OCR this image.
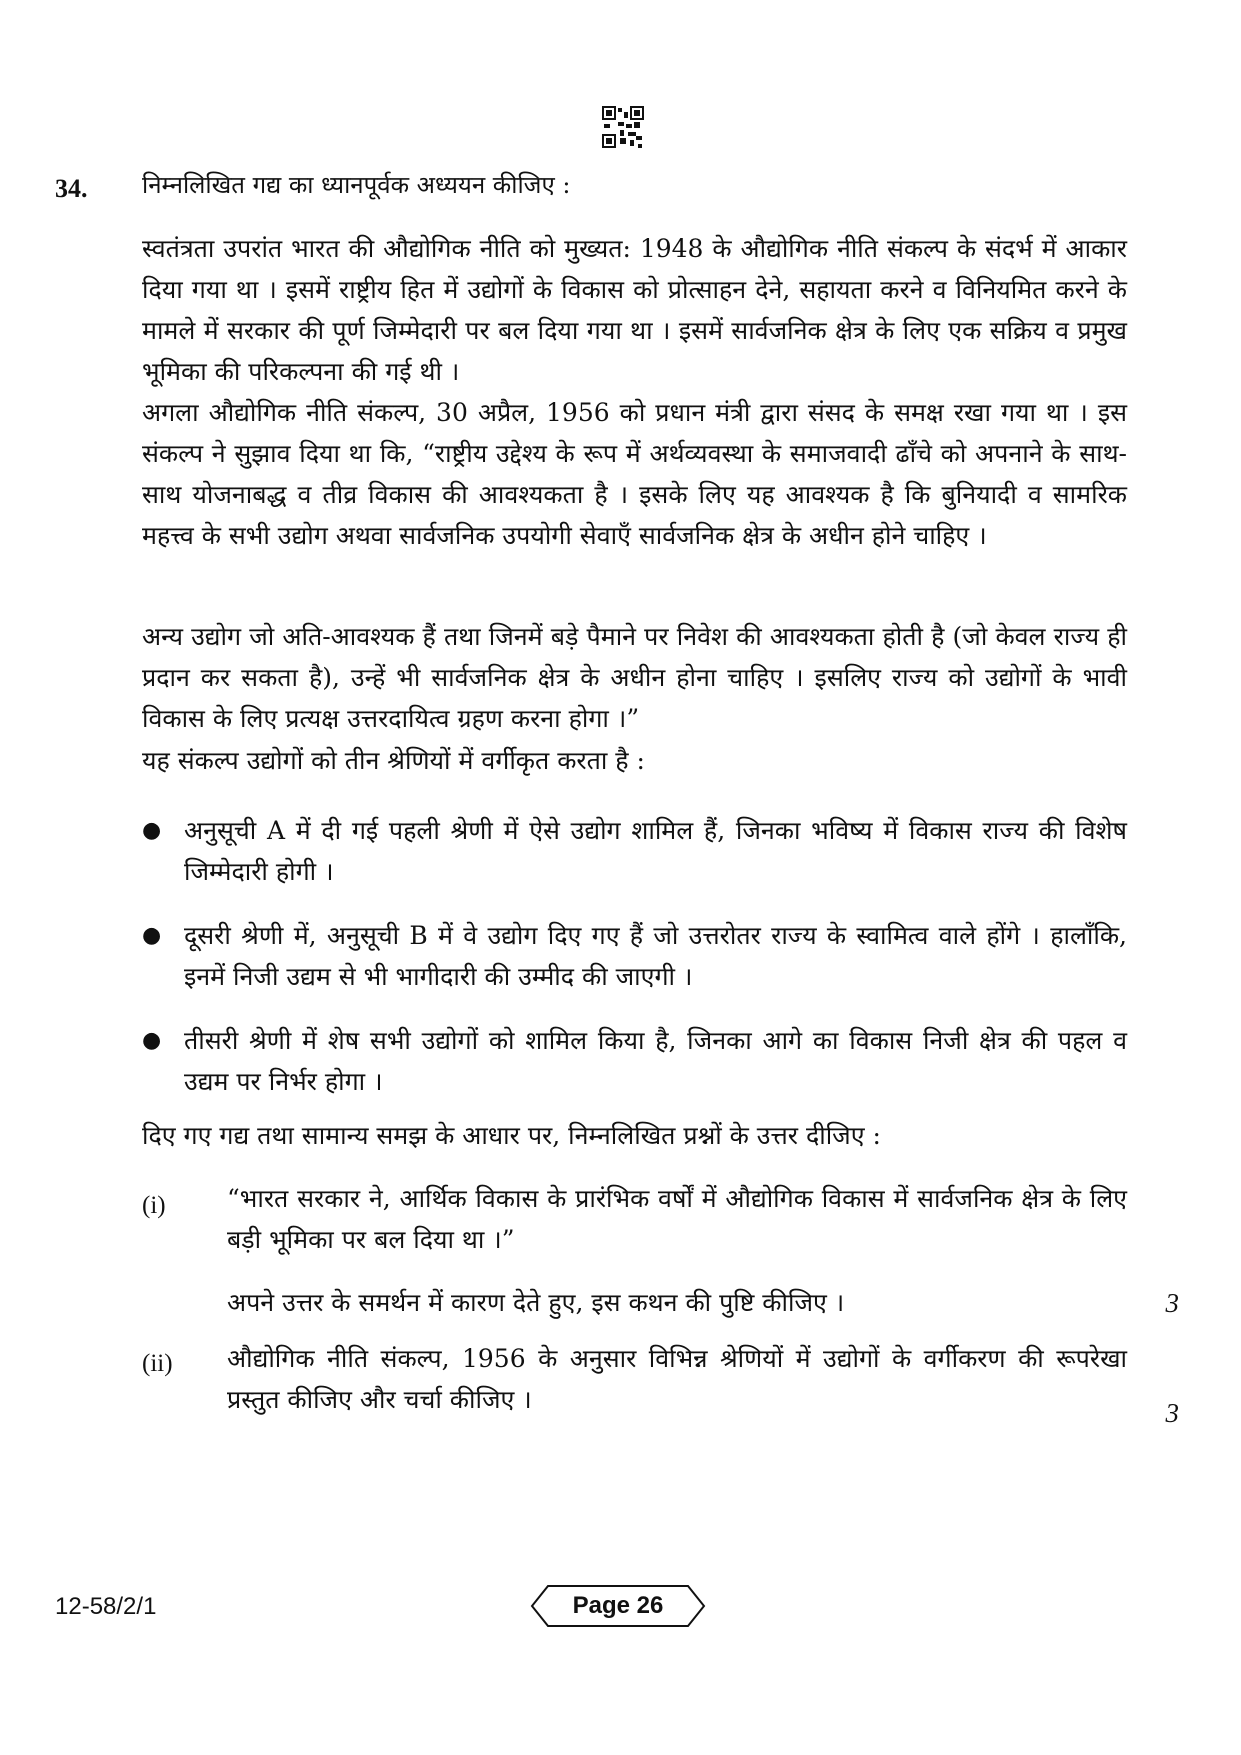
34. निम्नलिखित गद्य का ध्यानपूर्वक अध्ययन कीजिए :

स्वतंत्रता उपरांत भारत की औद्योगिक नीति को मुख्यत: 1948 के औद्योगिक नीति संकल्प के संदर्भ में आकार दिया गया था । इसमें राष्ट्रीय हित में उद्योगों के विकास को प्रोत्साहन देने, सहायता करने व विनियमित करने के मामले में सरकार की पूर्ण जिम्मेदारी पर बल दिया गया था । इसमें सार्वजनिक क्षेत्र के लिए एक सक्रिय व प्रमुख भूमिका की परिकल्पना की गई थी ।

अगला औद्योगिक नीति संकल्प, 30 अप्रैल, 1956 को प्रधान मंत्री द्वारा संसद के समक्ष रखा गया था । इस संकल्प ने सुझाव दिया था कि, “राष्ट्रीय उद्देश्य के रूप में अर्थव्यवस्था के समाजवादी ढाँचे को अपनाने के साथ-साथ योजनाबद्ध व तीव्र विकास की आवश्यकता है । इसके लिए यह आवश्यक है कि बुनियादी व सामरिक महत्त्व के सभी उद्योग अथवा सार्वजनिक उपयोगी सेवाएँ सार्वजनिक क्षेत्र के अधीन होने चाहिए ।

अन्य उद्योग जो अति-आवश्यक हैं तथा जिनमें बड़े पैमाने पर निवेश की आवश्यकता होती है (जो केवल राज्य ही प्रदान कर सकता है), उन्हें भी सार्वजनिक क्षेत्र के अधीन होना चाहिए । इसलिए राज्य को उद्योगों के भावी विकास के लिए प्रत्यक्ष उत्तरदायित्व ग्रहण करना होगा ।”

यह संकल्प उद्योगों को तीन श्रेणियों में वर्गीकृत करता है :

● अनुसूची A में दी गई पहली श्रेणी में ऐसे उद्योग शामिल हैं, जिनका भविष्य में विकास राज्य की विशेष जिम्मेदारी होगी ।
● दूसरी श्रेणी में, अनुसूची B में वे उद्योग दिए गए हैं जो उत्तरोतर राज्य के स्वामित्व वाले होंगे । हालाँकि, इनमें निजी उद्यम से भी भागीदारी की उम्मीद की जाएगी ।
● तीसरी श्रेणी में शेष सभी उद्योगों को शामिल किया है, जिनका आगे का विकास निजी क्षेत्र की पहल व उद्यम पर निर्भर होगा ।

दिए गए गद्य तथा सामान्य समझ के आधार पर, निम्नलिखित प्रश्नों के उत्तर दीजिए :

(i) “भारत सरकार ने, आर्थिक विकास के प्रारंभिक वर्षों में औद्योगिक विकास में सार्वजनिक क्षेत्र के लिए बड़ी भूमिका पर बल दिया था ।”
अपने उत्तर के समर्थन में कारण देते हुए, इस कथन की पुष्टि कीजिए ।	3
(ii) औद्योगिक नीति संकल्प, 1956 के अनुसार विभिन्न श्रेणियों में उद्योगों के वर्गीकरण की रूपरेखा प्रस्तुत कीजिए और चर्चा कीजिए ।	3
12-58/2/1	Page 26
